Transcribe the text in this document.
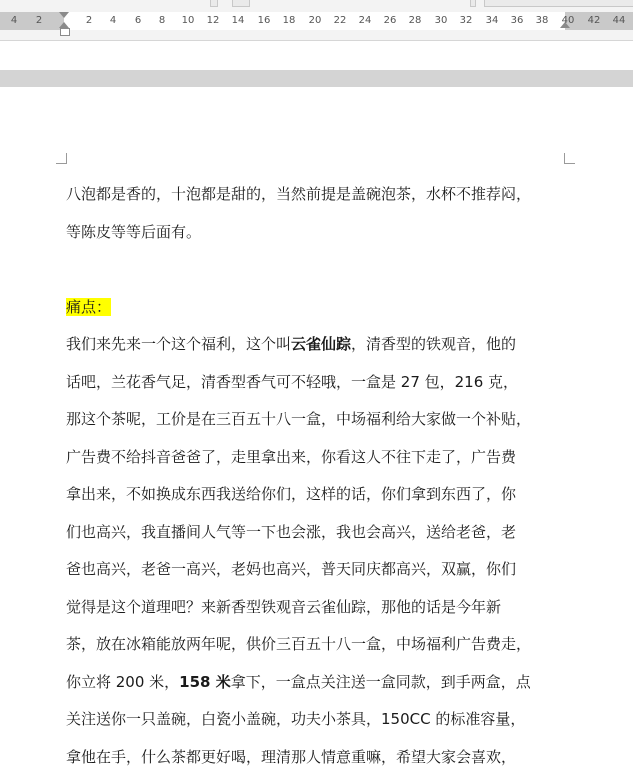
4 2	2 4 6 8 10 12 14 16 18 20 22 24 26 28 30 32 34 36 38 40 42 44

八泡都是香的，十泡都是甜的，当然前提是盖碗泡茶，水杯不推荐闷，

等陈皮等等后面有。

痛点：

我们来先来一个这个福利，这个叫云雀仙踪，清香型的铁观音，他的

话吧，兰花香气足，清香型香气可不轻哦，一盒是 27 包，216 克，

那这个茶呢，工价是在三百五十八一盒，中场福利给大家做一个补贴，

广告费不给抖音爸爸了，走里拿出来，你看这人不往下走了，广告费

拿出来，不如换成东西我送给你们，这样的话，你们拿到东西了，你

们也高兴，我直播间人气等一下也会涨，我也会高兴，送给老爸，老

爸也高兴，老爸一高兴，老妈也高兴，普天同庆都高兴，双赢，你们

觉得是这个道理吧？来新香型铁观音云雀仙踪，那他的话是今年新

茶，放在冰箱能放两年呢，供价三百五十八一盒，中场福利广告费走，

你立将 200 米，158 米拿下，一盒点关注送一盒同款，到手两盒，点

关注送你一只盖碗，白瓷小盖碗，功夫小茶具，150CC 的标准容量，

拿他在手，什么茶都更好喝，理清那人情意重嘛，希望大家会喜欢，
